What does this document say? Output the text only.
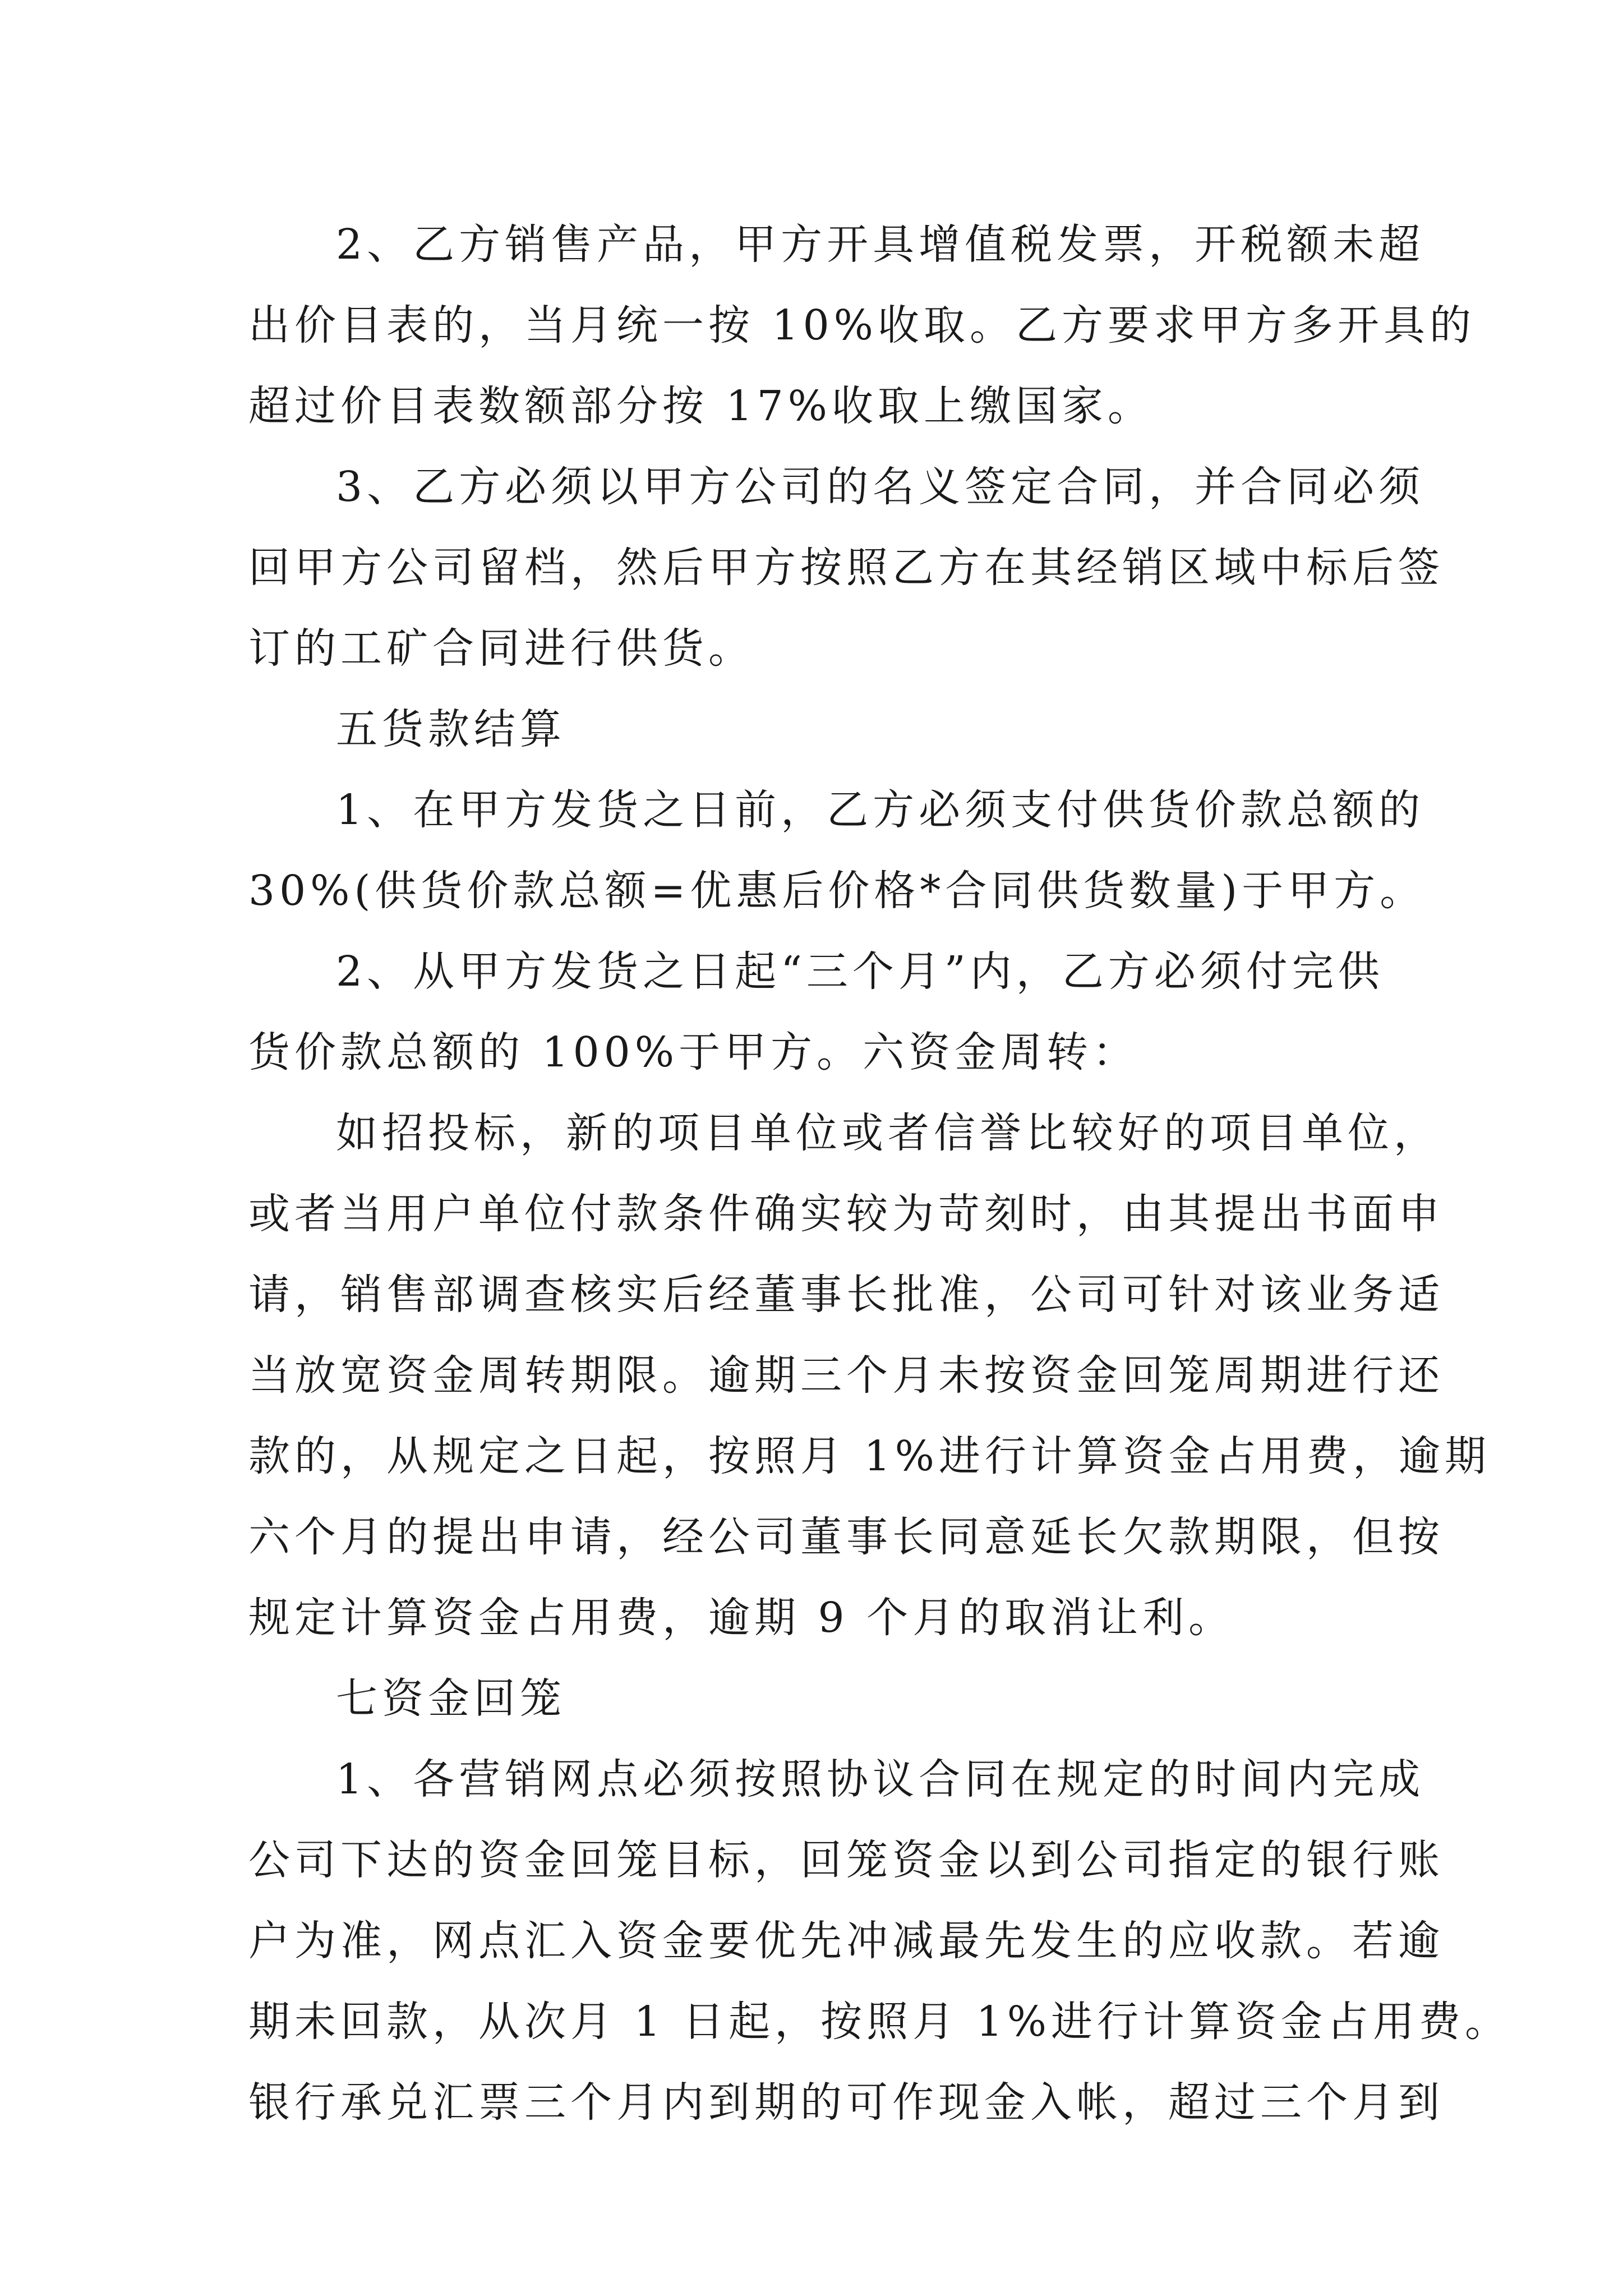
2、乙方销售产品，甲方开具增值税发票，开税额未超
出价目表的，当月统一按 10%收取。乙方要求甲方多开具的
超过价目表数额部分按 17%收取上缴国家。
3、乙方必须以甲方公司的名义签定合同，并合同必须
回甲方公司留档，然后甲方按照乙方在其经销区域中标后签
订的工矿合同进行供货。
五货款结算
1、在甲方发货之日前，乙方必须支付供货价款总额的
30%(供货价款总额=优惠后价格*合同供货数量)于甲方。
2、从甲方发货之日起“三个月”内，乙方必须付完供
货价款总额的 100%于甲方。六资金周转：
如招投标，新的项目单位或者信誉比较好的项目单位，
或者当用户单位付款条件确实较为苛刻时，由其提出书面申
请，销售部调查核实后经董事长批准，公司可针对该业务适
当放宽资金周转期限。逾期三个月未按资金回笼周期进行还
款的，从规定之日起，按照月 1%进行计算资金占用费，逾期
六个月的提出申请，经公司董事长同意延长欠款期限，但按
规定计算资金占用费，逾期 9 个月的取消让利。
七资金回笼
1、各营销网点必须按照协议合同在规定的时间内完成
公司下达的资金回笼目标，回笼资金以到公司指定的银行账
户为准，网点汇入资金要优先冲减最先发生的应收款。若逾
期未回款，从次月 1 日起，按照月 1%进行计算资金占用费。
银行承兑汇票三个月内到期的可作现金入帐，超过三个月到
